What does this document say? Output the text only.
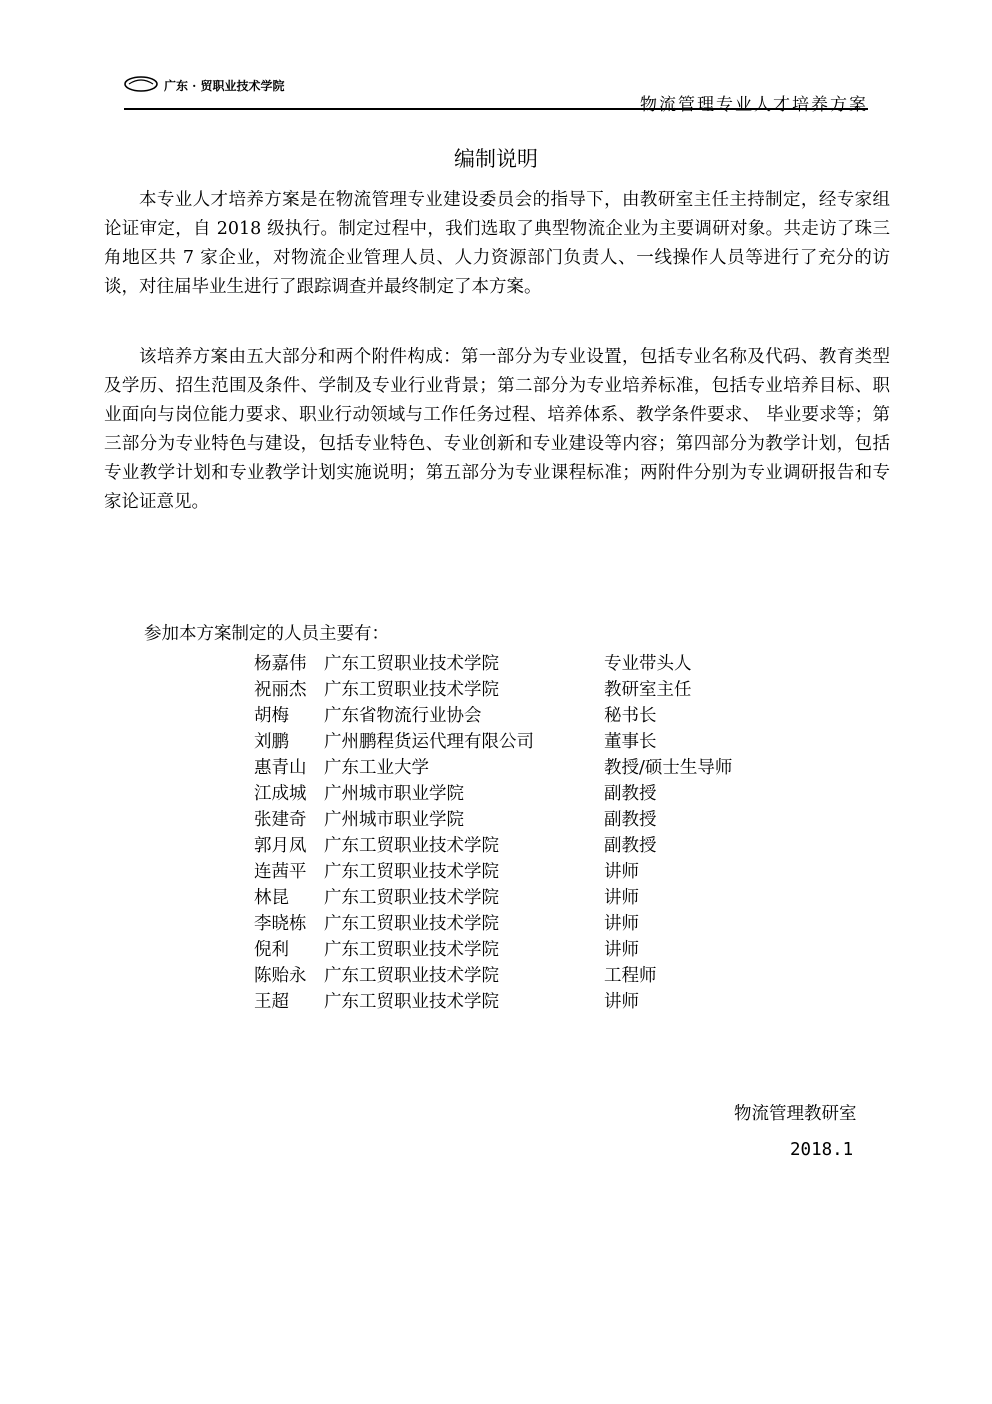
广东 · 贸职业技术学院
物流管理专业人才培养方案
编制说明

本专业人才培养方案是在物流管理专业建设委员会的指导下，由教研室主任主持制定，经专家组论证审定，自 2018 级执行。制定过程中，我们选取了典型物流企业为主要调研对象。共走访了珠三角地区共 7 家企业，对物流企业管理人员、人力资源部门负责人、一线操作人员等进行了充分的访谈，对往届毕业生进行了跟踪调查并最终制定了本方案。

该培养方案由五大部分和两个附件构成：第一部分为专业设置，包括专业名称及代码、教育类型及学历、招生范围及条件、学制及专业行业背景；第二部分为专业培养标准，包括专业培养目标、职业面向与岗位能力要求、职业行动领域与工作任务过程、培养体系、教学条件要求、 毕业要求等；第三部分为专业特色与建设，包括专业特色、专业创新和专业建设等内容；第四部分为教学计划，包括专业教学计划和专业教学计划实施说明；第五部分为专业课程标准；两附件分别为专业调研报告和专家论证意见。

参加本方案制定的人员主要有：
杨嘉伟 广东工贸职业技术学院	专业带头人
祝丽杰 广东工贸职业技术学院	教研室主任
胡梅 广东省物流行业协会	秘书长
刘鹏 广州鹏程货运代理有限公司	董事长
惠青山 广东工业大学	教授/硕士生导师
江成城 广州城市职业学院	副教授
张建奇 广州城市职业学院	副教授
郭月凤 广东工贸职业技术学院	副教授
连茜平 广东工贸职业技术学院	讲师
林昆 广东工贸职业技术学院	讲师
李晓栋 广东工贸职业技术学院	讲师
倪利 广东工贸职业技术学院	讲师
陈贻永 广东工贸职业技术学院	工程师
王超 广东工贸职业技术学院	讲师
物流管理教研室
2018.1
